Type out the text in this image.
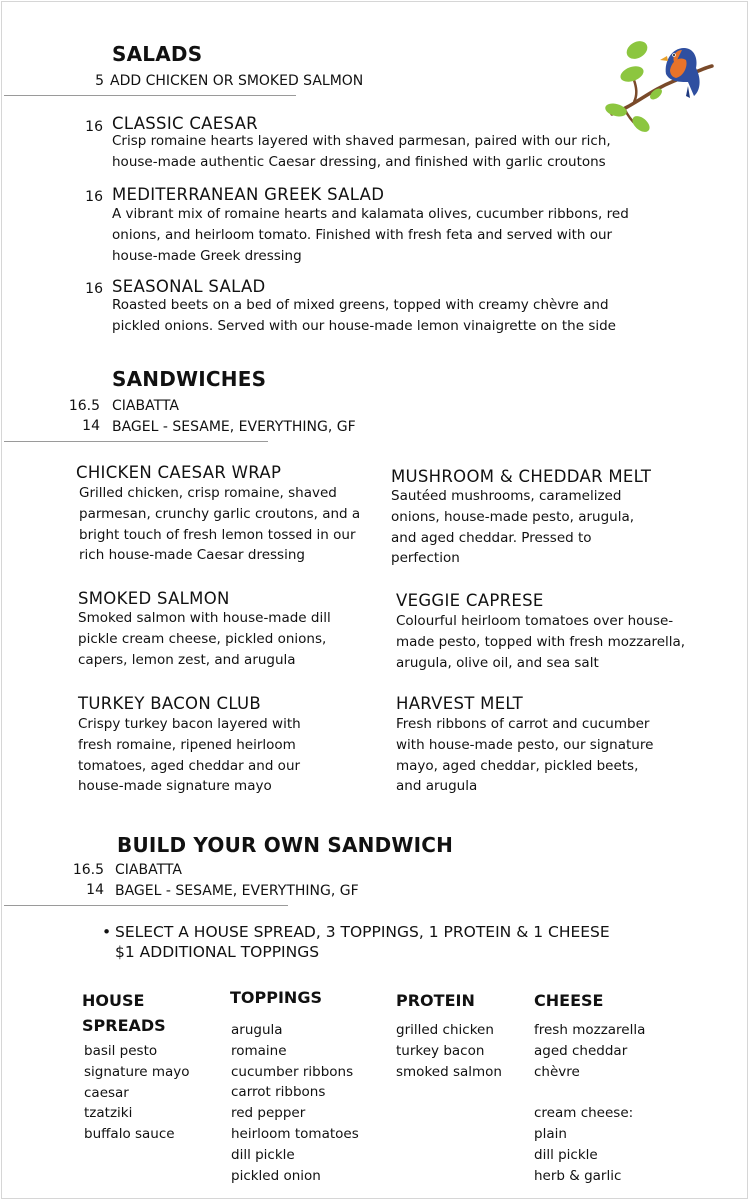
SALADS
5 ADD CHICKEN OR SMOKED SALMON
16 CLASSIC CAESAR
Crisp romaine hearts layered with shaved parmesan, paired with our rich,
house-made authentic Caesar dressing, and finished with garlic croutons
16 MEDITERRANEAN GREEK SALAD
A vibrant mix of romaine hearts and kalamata olives, cucumber ribbons, red
onions, and heirloom tomato. Finished with fresh feta and served with our
house-made Greek dressing
16 SEASONAL SALAD
Roasted beets on a bed of mixed greens, topped with creamy chèvre and
pickled onions. Served with our house-made lemon vinaigrette on the side
SANDWICHES
16.5 CIABATTA
14 BAGEL - SESAME, EVERYTHING, GF
CHICKEN CAESAR WRAP
Grilled chicken, crisp romaine, shaved
parmesan, crunchy garlic croutons, and a
bright touch of fresh lemon tossed in our
rich house-made Caesar dressing
MUSHROOM & CHEDDAR MELT
Sautéed mushrooms, caramelized
onions, house-made pesto, arugula,
and aged cheddar. Pressed to
perfection
SMOKED SALMON
Smoked salmon with house-made dill
pickle cream cheese, pickled onions,
capers, lemon zest, and arugula
VEGGIE CAPRESE
Colourful heirloom tomatoes over house-
made pesto, topped with fresh mozzarella,
arugula, olive oil, and sea salt
TURKEY BACON CLUB
Crispy turkey bacon layered with
fresh romaine, ripened heirloom
tomatoes, aged cheddar and our
house-made signature mayo
HARVEST MELT
Fresh ribbons of carrot and cucumber
with house-made pesto, our signature
mayo, aged cheddar, pickled beets,
and arugula
BUILD YOUR OWN SANDWICH
16.5 CIABATTA
14 BAGEL - SESAME, EVERYTHING, GF
• SELECT A HOUSE SPREAD, 3 TOPPINGS, 1 PROTEIN & 1 CHEESE
$1 ADDITIONAL TOPPINGS
HOUSE
SPREADS
basil pesto
signature mayo
caesar
tzatziki
buffalo sauce
TOPPINGS
arugula
romaine
cucumber ribbons
carrot ribbons
red pepper
heirloom tomatoes
dill pickle
pickled onion
PROTEIN
grilled chicken
turkey bacon
smoked salmon
CHEESE
fresh mozzarella
aged cheddar
chèvre
cream cheese:
plain
dill pickle
herb & garlic
